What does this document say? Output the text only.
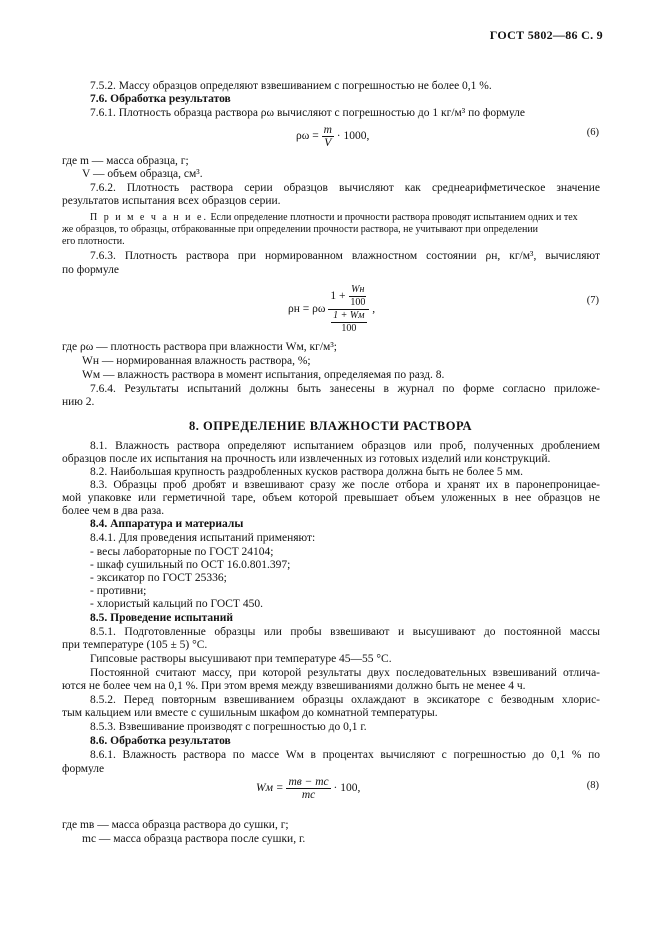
ГОСТ 5802—86 С. 9
7.5.2. Массу образцов определяют взвешиванием с погрешностью не более 0,1 %.
7.6. Обработка результатов
7.6.1. Плотность образца раствора ρω вычисляют с погрешностью до 1 кг/м³ по формуле
$\rho\omega = \frac{m}{V} \cdot 1000$,	(6)
где m — масса образца, г;
V — объем образца, см³.
7.6.2. Плотность раствора серии образцов вычисляют как среднеарифметическое значение
результатов испытания всех образцов серии.
П р и м е ч а н и е. Если определение плотности и прочности раствора проводят испытанием одних и тех
же образцов, то образцы, отбракованные при определении прочности раствора, не учитывают при определении
его плотности.
7.6.3. Плотность раствора при нормированном влажностном состоянии ρн, кг/м³, вычисляют
по формуле
ρн = ρω $\frac{1 + \frac{Wн}{100}}{\frac{1 + Wм}{100}}$ ,
(7)
где ρω — плотность раствора при влажности Wм, кг/м³;
Wн — нормированная влажность раствора, %;
Wм — влажность раствора в момент испытания, определяемая по разд. 8.
7.6.4. Результаты испытаний должны быть занесены в журнал по форме согласно приложе-
нию 2.
8. ОПРЕДЕЛЕНИЕ ВЛАЖНОСТИ РАСТВОРА
8.1. Влажность раствора определяют испытанием образцов или проб, полученных дроблением
образцов после их испытания на прочность или извлеченных из готовых изделий или конструкций.
8.2. Наибольшая крупность раздробленных кусков раствора должна быть не более 5 мм.
8.3. Образцы проб дробят и взвешивают сразу же после отбора и хранят их в паронепроницае-
мой упаковке или герметичной таре, объем которой превышает объем уложенных в нее образцов не
более чем в два раза.
8.4. Аппаратура и материалы
8.4.1. Для проведения испытаний применяют:
- весы лабораторные по ГОСТ 24104;
- шкаф сушильный по ОСТ 16.0.801.397;
- эксикатор по ГОСТ 25336;
- противни;
- хлористый кальций по ГОСТ 450.
8.5. Проведение испытаний
8.5.1. Подготовленные образцы или пробы взвешивают и высушивают до постоянной массы
при температуре (105 ± 5) °С.
Гипсовые растворы высушивают при температуре 45—55 °С.
Постоянной считают массу, при которой результаты двух последовательных взвешиваний отлича-
ются не более чем на 0,1 %. При этом время между взвешиваниями должно быть не менее 4 ч.
8.5.2. Перед повторным взвешиванием образцы охлаждают в эксикаторе с безводным хлорис-
тым кальцием или вместе с сушильным шкафом до комнатной температуры.
8.5.3. Взвешивание производят с погрешностью до 0,1 г.
8.6. Обработка результатов
8.6.1. Влажность раствора по массе Wм в процентах вычисляют с погрешностью до 0,1 % по
формуле
Wм = $\frac{mв - mс}{mс} \cdot 100$,	(8)
где mв — масса образца раствора до сушки, г;
mс — масса образца раствора после сушки, г.
